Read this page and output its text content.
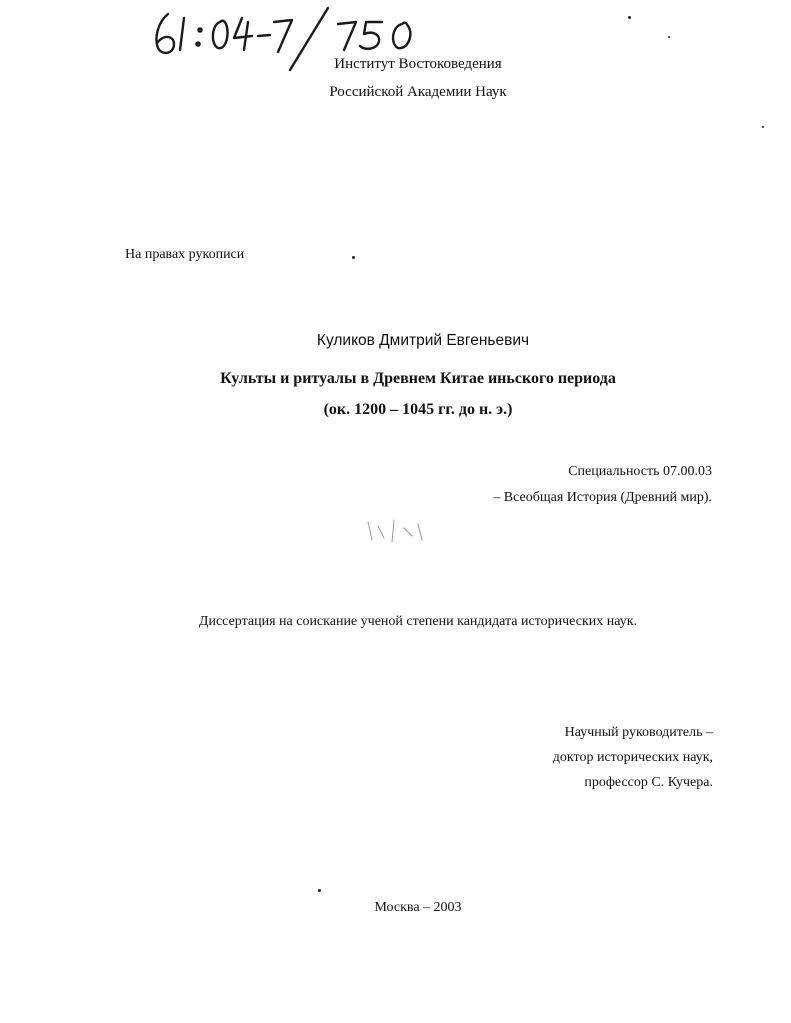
Институт Востоковедения
Российской Академии Наук
На правах рукописи
Куликов Дмитрий Евгеньевич
Культы и ритуалы в Древнем Китае иньского периода
(ок. 1200 – 1045 гг. до н. э.)
Специальность 07.00.03
– Всеобщая История (Древний мир).
Диссертация на соискание ученой степени кандидата исторических наук.
Научный руководитель –
доктор исторических наук,
профессор С. Кучера.
Москва – 2003
